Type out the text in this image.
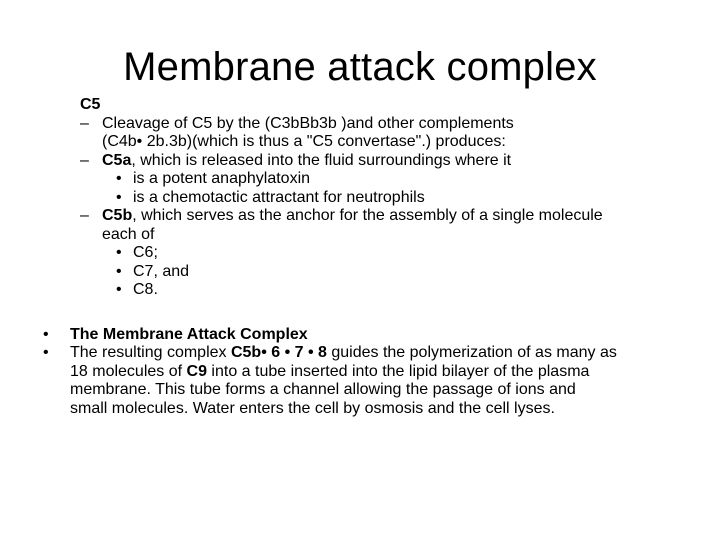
Membrane attack complex
C5
– Cleavage of C5 by the (C3bBb3b )and other complements
(C4b• 2b.3b)(which is thus a "C5 convertase".) produces:
– C5a, which is released into the fluid surroundings where it
• is a potent anaphylatoxin
• is a chemotactic attractant for neutrophils
– C5b, which serves as the anchor for the assembly of a single molecule
each of
• C6;
• C7, and
• C8.
• The Membrane Attack Complex
• The resulting complex C5b• 6 • 7 • 8 guides the polymerization of as many as
18 molecules of C9 into a tube inserted into the lipid bilayer of the plasma
membrane. This tube forms a channel allowing the passage of ions and
small molecules. Water enters the cell by osmosis and the cell lyses.
